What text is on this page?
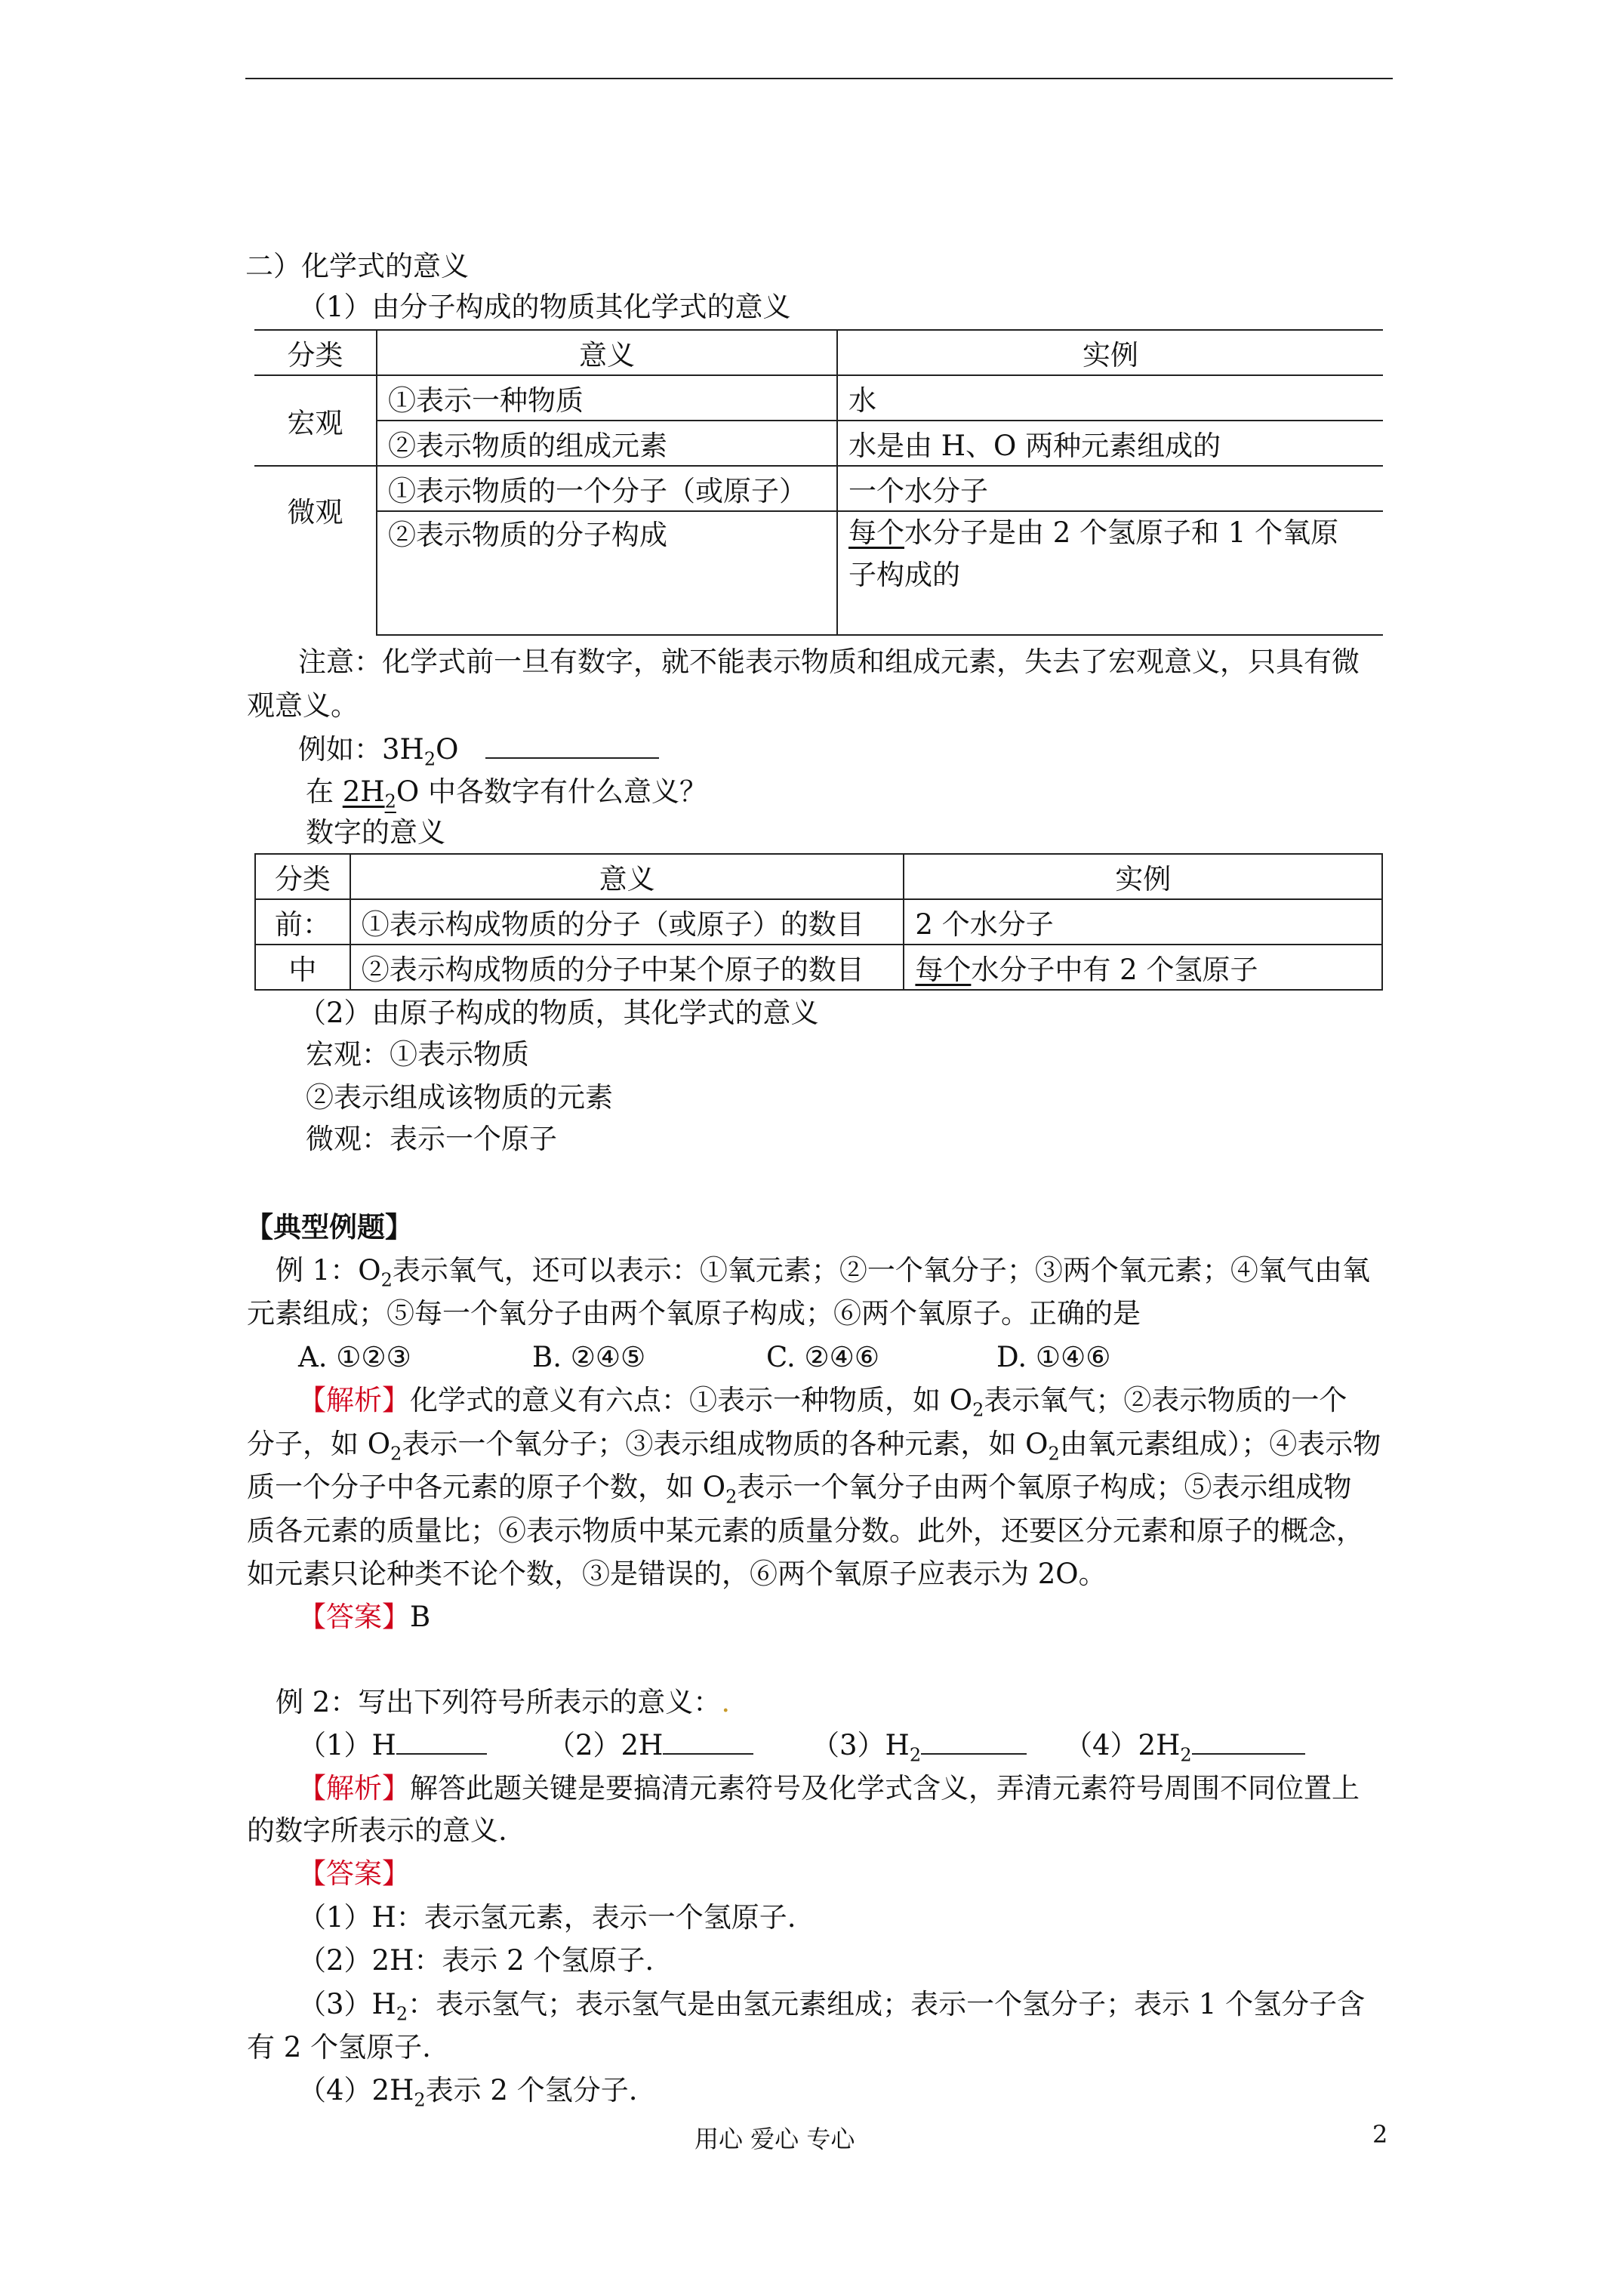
二）化学式的意义
（1）由分子构成的物质其化学式的意义
分类	意义	实例
宏观	①表示一种物质	水
	②表示物质的组成元素	水是由 H、O 两种元素组成的
微观	①表示物质的一个分子（或原子）	一个水分子
	②表示物质的分子构成	每个水分子是由 2 个氢原子和 1 个氧原
子构成的
注意：化学式前一旦有数字，就不能表示物质和组成元素，失去了宏观意义，只具有微
观意义。
例如：$3H_2O$
在 $2H_2O$ 中各数字有什么意义？
数字的意义
分类	意义	实例
前：	①表示构成物质的分子（或原子）的数目	2 个水分子
中	②表示构成物质的分子中某个原子的数目	每个水分子中有 2 个氢原子
（2）由原子构成的物质，其化学式的意义
宏观：①表示物质
②表示组成该物质的元素
微观：表示一个原子
【典型例题】
例 1：$O_2$表示氧气，还可以表示：①氧元素；②一个氧分子；③两个氧元素；④氧气由氧
元素组成；⑤每一个氧分子由两个氧原子构成；⑥两个氧原子。正确的是
A. ①②③	B. ②④⑤	C. ②④⑥	D. ①④⑥
【解析】化学式的意义有六点：①表示一种物质，如 $O_2$表示氧气；②表示物质的一个
分子，如 $O_2$表示一个氧分子；③表示组成物质的各种元素，如 $O_2$由氧元素组成）；④表示物
质一个分子中各元素的原子个数，如 $O_2$表示一个氧分子由两个氧原子构成；⑤表示组成物
质各元素的质量比；⑥表示物质中某元素的质量分数。此外，还要区分元素和原子的概念，
如元素只论种类不论个数，③是错误的，⑥两个氧原子应表示为 2O。
【答案】B
例 2：写出下列符号所表示的意义：.
（1）H	（2）2H	$(3)H_2$	$(4)2H_2$
【解析】解答此题关键是要搞清元素符号及化学式含义，弄清元素符号周围不同位置上
的数字所表示的意义.
【答案】
（1）H：表示氢元素，表示一个氢原子.
（2）2H：表示 2 个氢原子.
$(3)H_2$：表示氢气；表示氢气是由氢元素组成；表示一个氢分子；表示 1 个氢分子含
有 2 个氢原子.
$(4)2H_2$表示 2 个氢分子.
用心 爱心 专心	2
